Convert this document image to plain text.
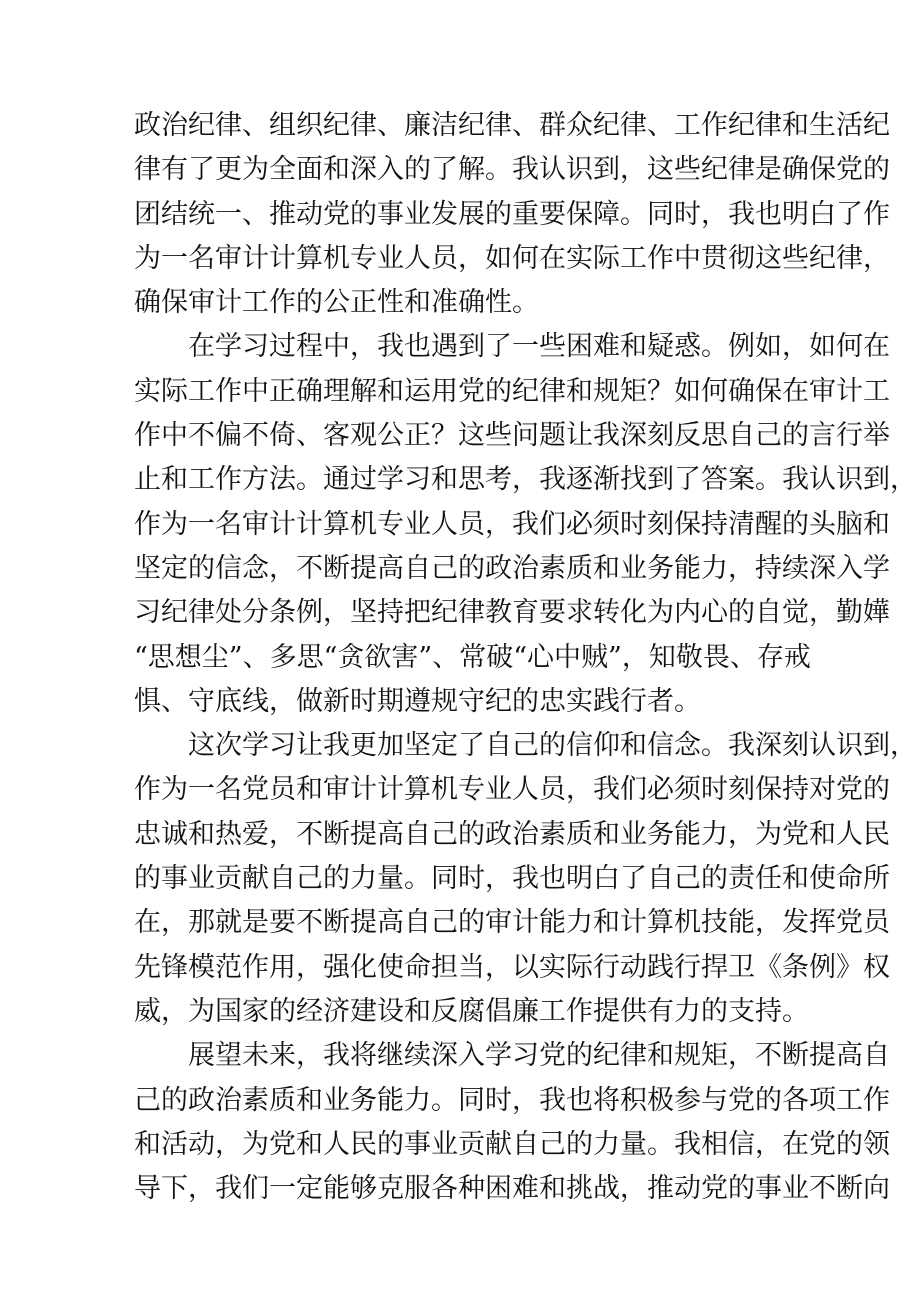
政治纪律、组织纪律、廉洁纪律、群众纪律、工作纪律和生活纪
律有了更为全面和深入的了解。我认识到，这些纪律是确保党的
团结统一、推动党的事业发展的重要保障。同时，我也明白了作
为一名审计计算机专业人员，如何在实际工作中贯彻这些纪律，
确保审计工作的公正性和准确性。
在学习过程中，我也遇到了一些困难和疑惑。例如，如何在
实际工作中正确理解和运用党的纪律和规矩？如何确保在审计工
作中不偏不倚、客观公正？这些问题让我深刻反思自己的言行举
止和工作方法。通过学习和思考，我逐渐找到了答案。我认识到，
作为一名审计计算机专业人员，我们必须时刻保持清醒的头脑和
坚定的信念，不断提高自己的政治素质和业务能力，持续深入学
习纪律处分条例，坚持把纪律教育要求转化为内心的自觉，勤嬅
“思想尘”、多思“贪欲害”、常破“心中贼”，知敬畏、存戒
惧、守底线，做新时期遵规守纪的忠实践行者。
这次学习让我更加坚定了自己的信仰和信念。我深刻认识到，
作为一名党员和审计计算机专业人员，我们必须时刻保持对党的
忠诚和热爱，不断提高自己的政治素质和业务能力，为党和人民
的事业贡献自己的力量。同时，我也明白了自己的责任和使命所
在，那就是要不断提高自己的审计能力和计算机技能，发挥党员
先锋模范作用，强化使命担当，以实际行动践行捍卫《条例》权
威，为国家的经济建设和反腐倡廉工作提供有力的支持。
展望未来，我将继续深入学习党的纪律和规矩，不断提高自
己的政治素质和业务能力。同时，我也将积极参与党的各项工作
和活动，为党和人民的事业贡献自己的力量。我相信，在党的领
导下，我们一定能够克服各种困难和挑战，推动党的事业不断向
